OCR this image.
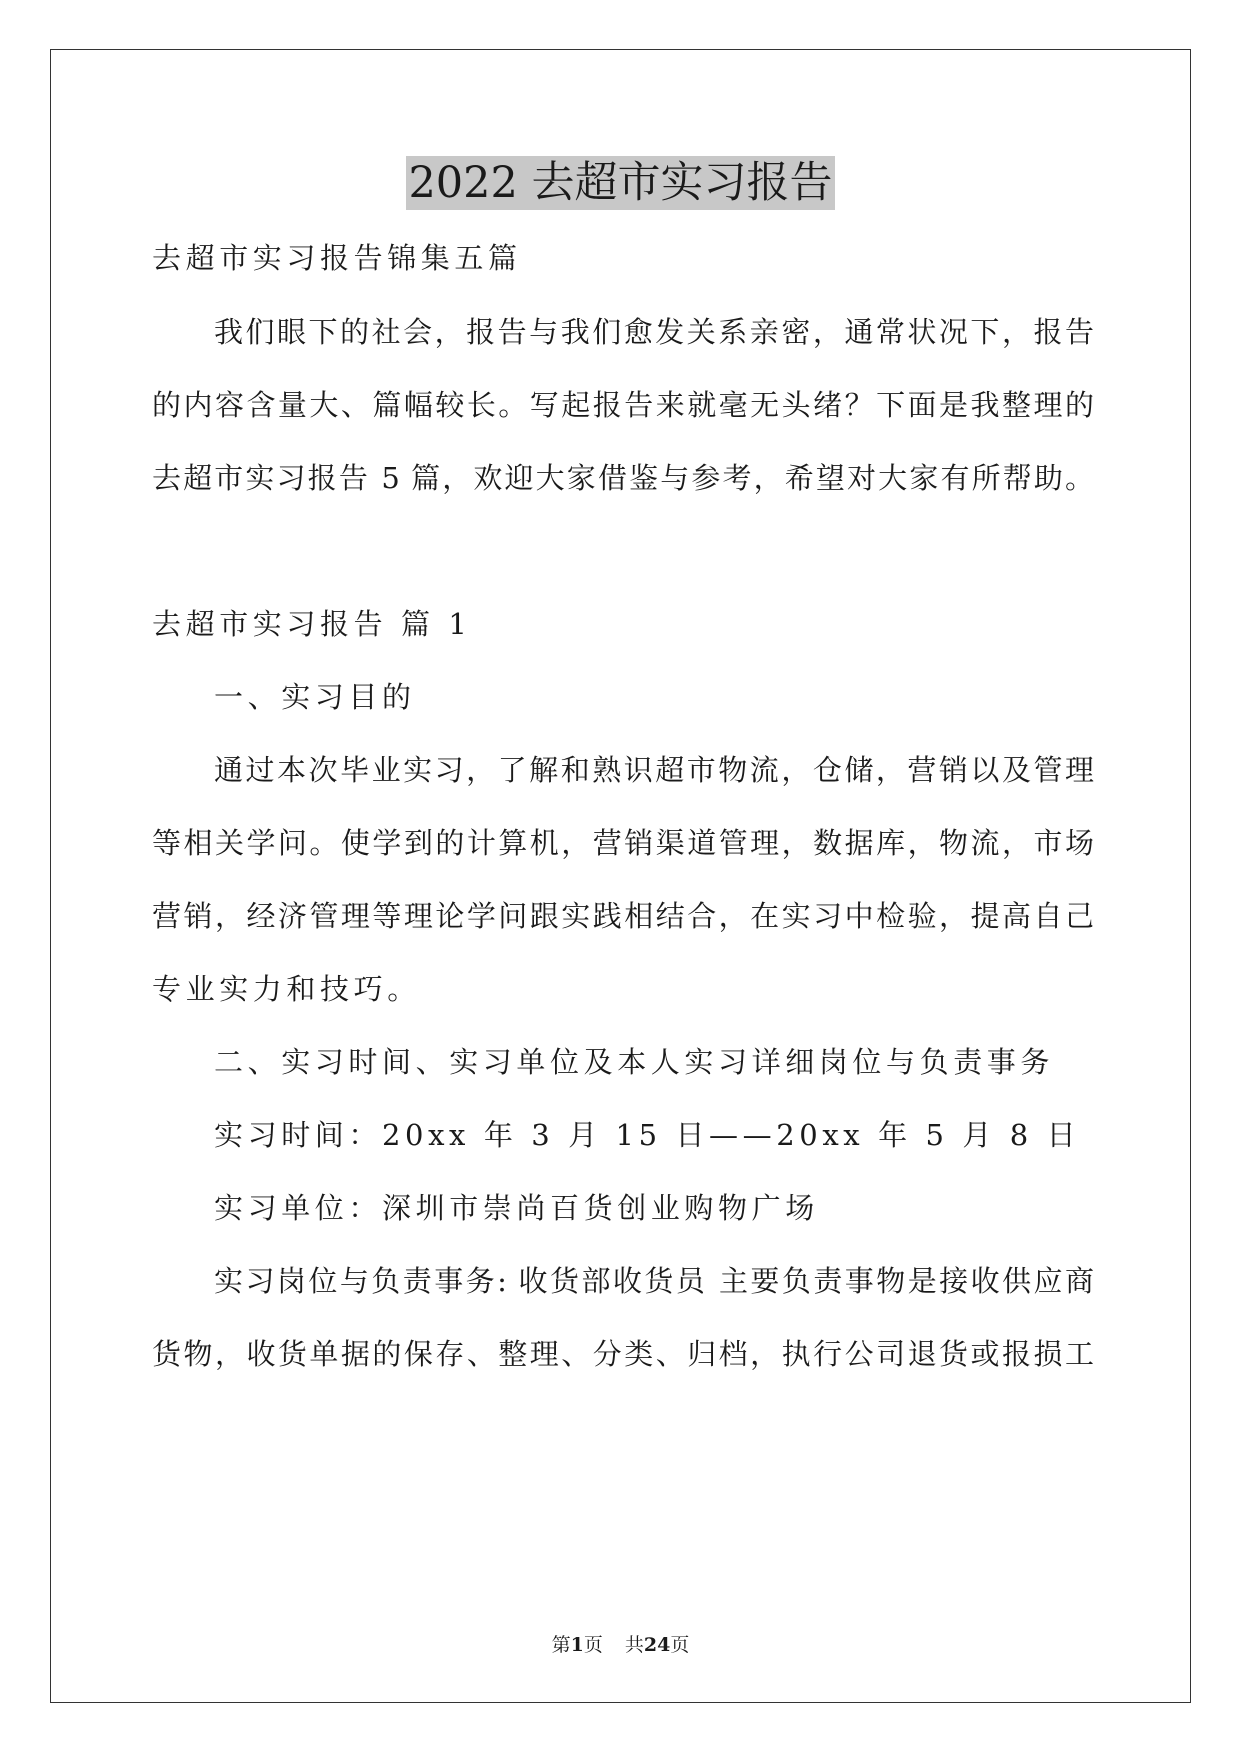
2022 去超市实习报告
去超市实习报告锦集五篇
我们眼下的社会，报告与我们愈发关系亲密，通常状况下，报告
的内容含量大、篇幅较长。写起报告来就毫无头绪？下面是我整理的
去超市实习报告 5 篇，欢迎大家借鉴与参考，希望对大家有所帮助。
去超市实习报告 篇 1
一、实习目的
通过本次毕业实习，了解和熟识超市物流，仓储，营销以及管理
等相关学问。使学到的计算机，营销渠道管理，数据库，物流，市场
营销，经济管理等理论学问跟实践相结合，在实习中检验，提高自己
专业实力和技巧。
二、实习时间、实习单位及本人实习详细岗位与负责事务
实习时间：20xx 年 3 月 15 日——20xx 年 5 月 8 日
实习单位：深圳市崇尚百货创业购物广场
实习岗位与负责事务: 收货部收货员 主要负责事物是接收供应商
货物，收货单据的保存、整理、分类、归档，执行公司退货或报损工
第1页 共24页
